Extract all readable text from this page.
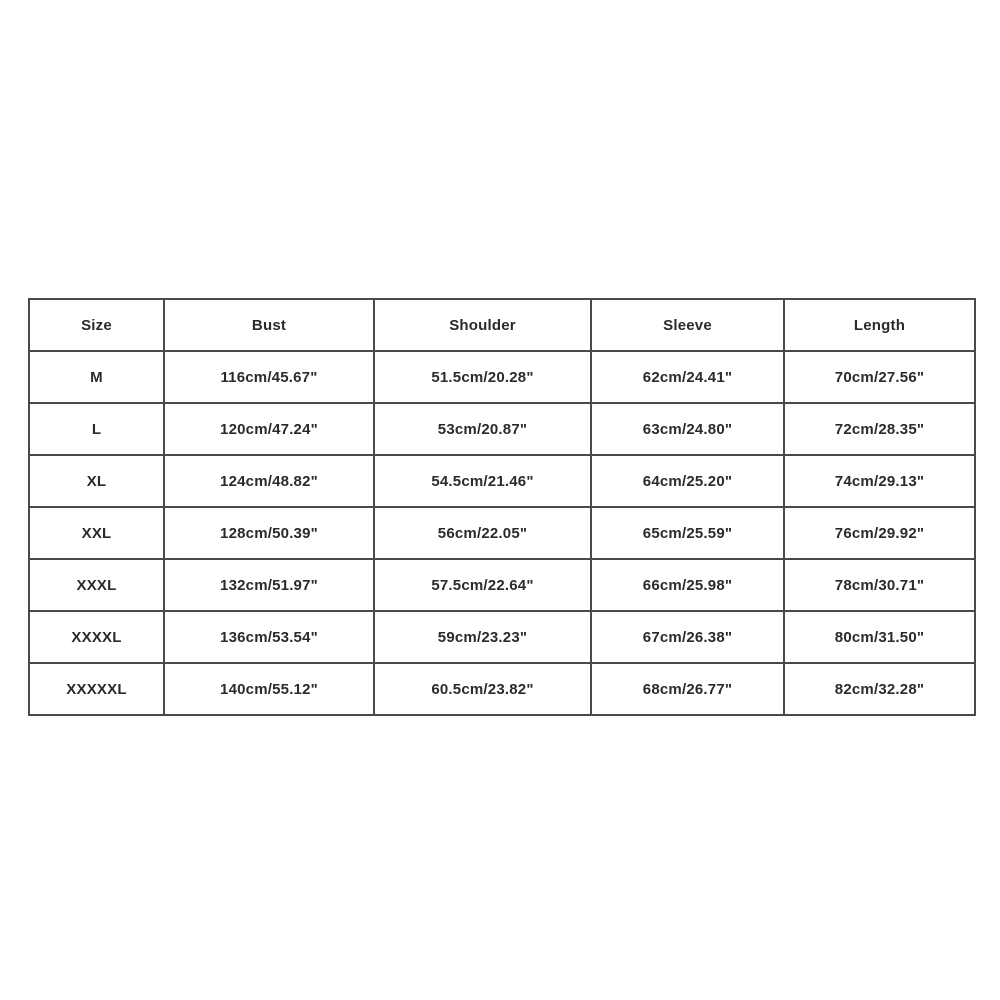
Size	Bust	Shoulder	Sleeve	Length
M	116cm/45.67"	51.5cm/20.28"	62cm/24.41"	70cm/27.56"
L	120cm/47.24"	53cm/20.87"	63cm/24.80"	72cm/28.35"
XL	124cm/48.82"	54.5cm/21.46"	64cm/25.20"	74cm/29.13"
XXL	128cm/50.39"	56cm/22.05"	65cm/25.59"	76cm/29.92"
XXXL	132cm/51.97"	57.5cm/22.64"	66cm/25.98"	78cm/30.71"
XXXXL	136cm/53.54"	59cm/23.23"	67cm/26.38"	80cm/31.50"
XXXXXL	140cm/55.12"	60.5cm/23.82"	68cm/26.77"	82cm/32.28"
